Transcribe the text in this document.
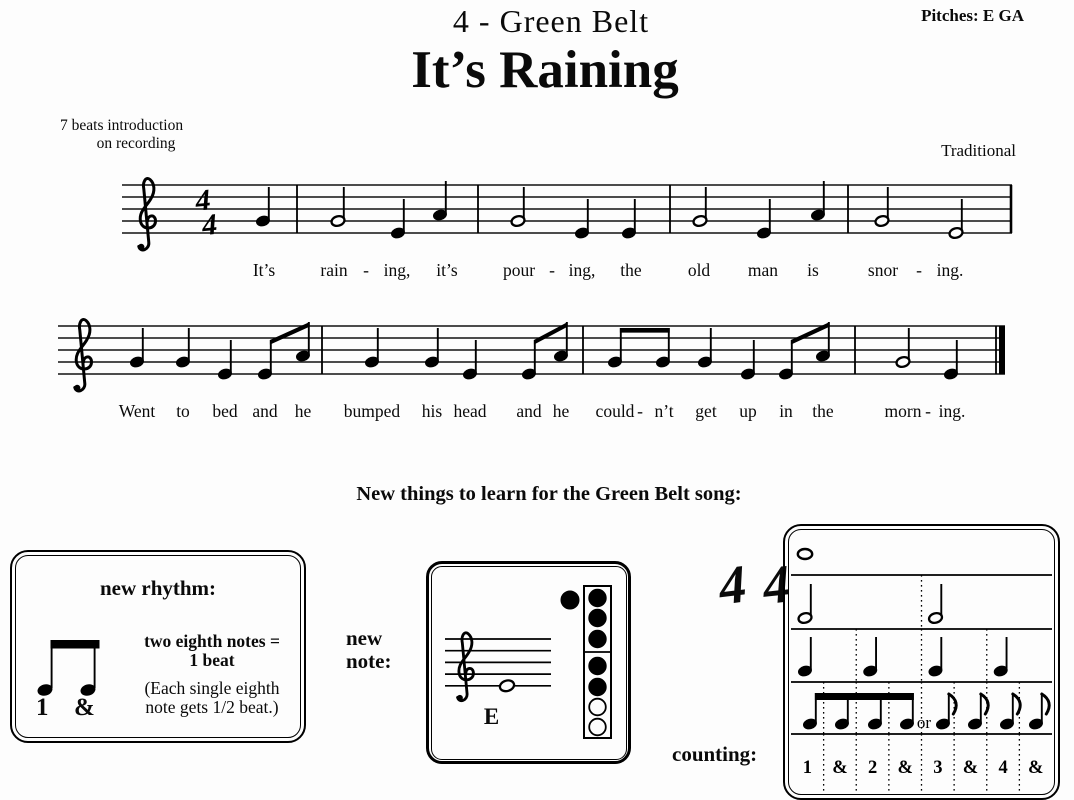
4 - Green Belt
It’s Raining
Pitches: E GA
7 beats introduction
on recording	Traditional
4
4
It’s	rain - ing, it’s	pour - ing, the	old man is	snor - ing.
Went to bed and he bumped his head and he could - n’t get up in the	morn - ing.
New things to learn for the Green Belt song:
new rhythm:
1 &
two eighth notes =
1 beat
(Each single eighth
note gets 1/2 beat.)
new
note:
E
4 4
counting:
or
1 & 2 & 3 & 4 &
